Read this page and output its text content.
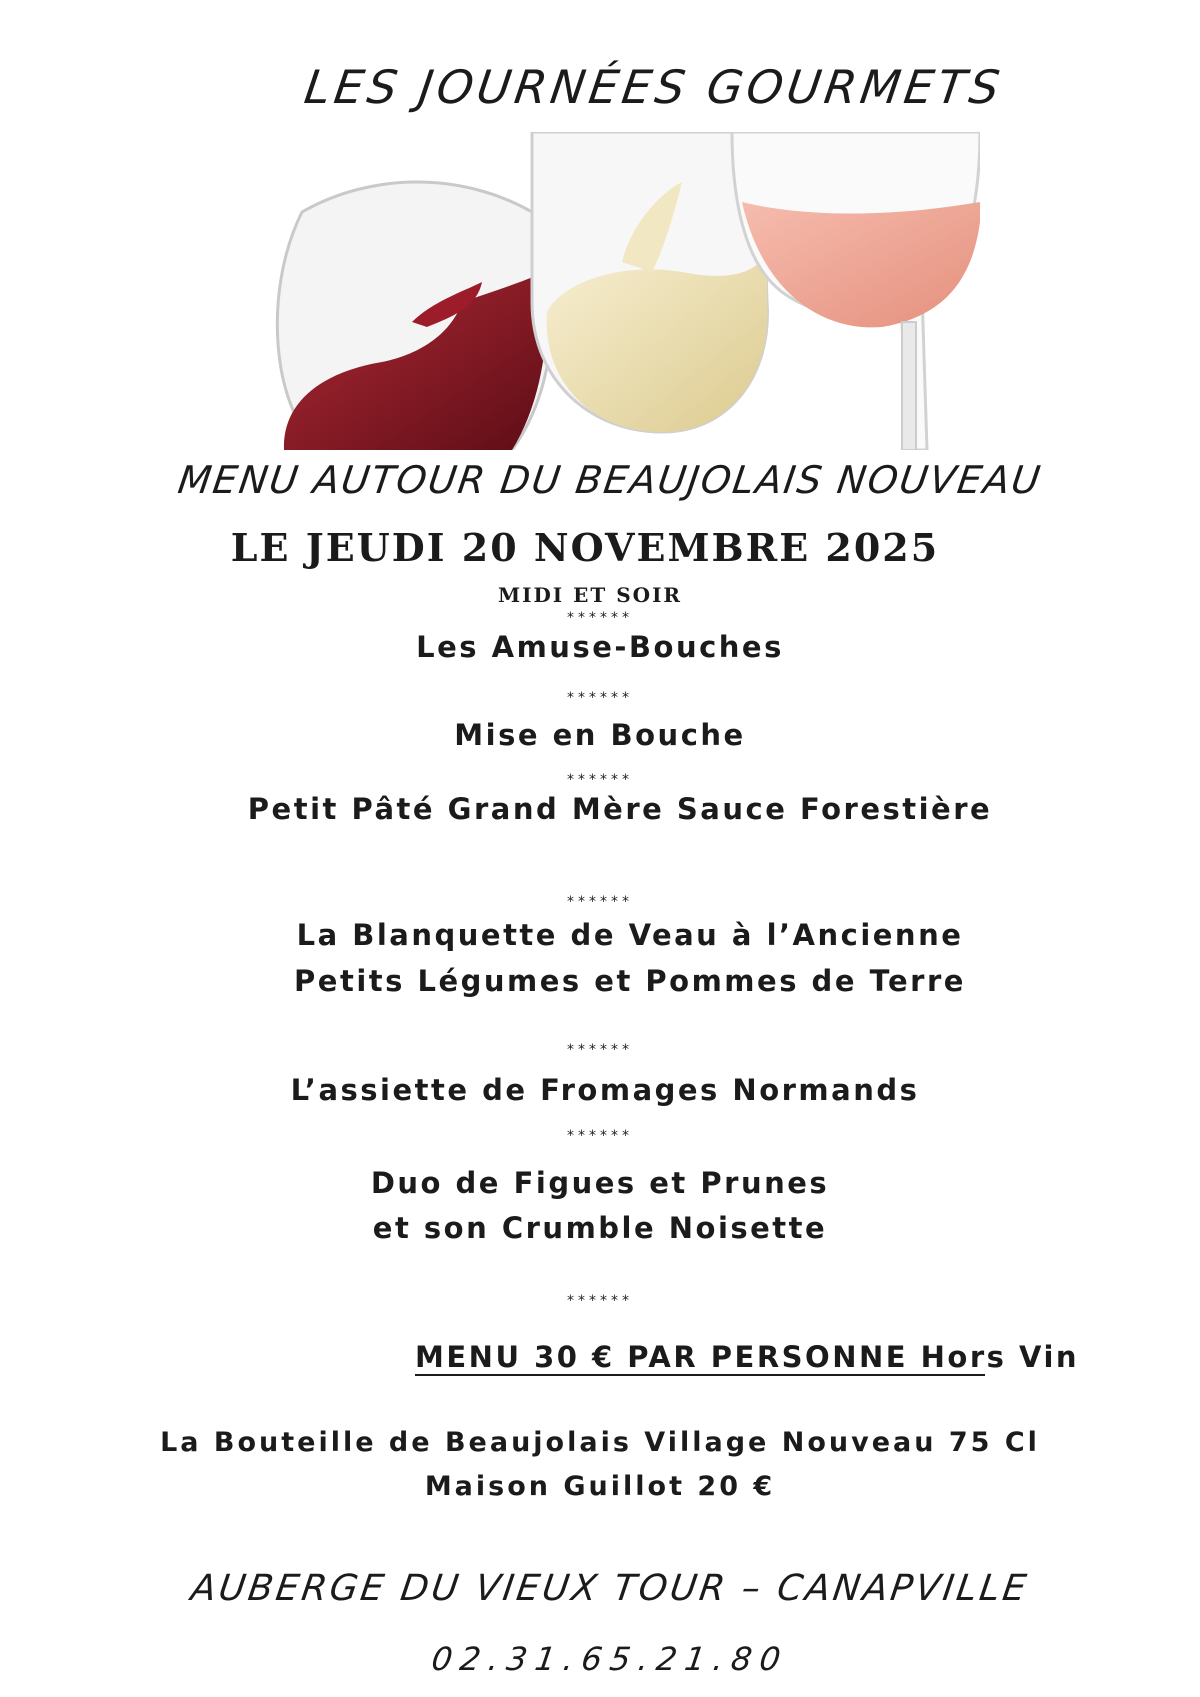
LES JOURNÉES GOURMETS
MENU AUTOUR DU BEAUJOLAIS NOUVEAU
LE JEUDI 20 NOVEMBRE 2025
MIDI ET SOIR
******
Les Amuse-Bouches
******
Mise en Bouche
******
Petit Pâté Grand Mère Sauce Forestière
******
La Blanquette de Veau à l’Ancienne
Petits Légumes et Pommes de Terre
******
L’assiette de Fromages Normands
******
Duo de Figues et Prunes
et son Crumble Noisette
******
MENU 30 € PAR PERSONNE Hors Vin
La Bouteille de Beaujolais Village Nouveau 75 Cl
Maison Guillot 20 €
AUBERGE DU VIEUX TOUR – CANAPVILLE
02.31.65.21.80
